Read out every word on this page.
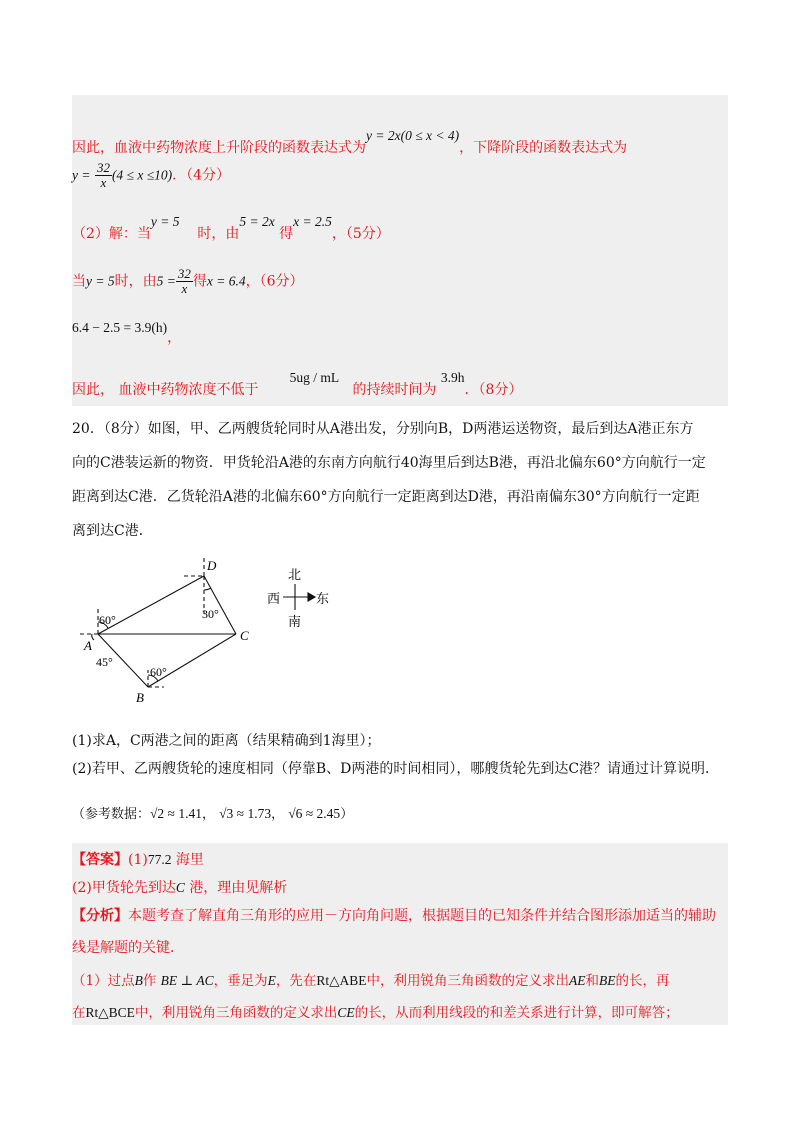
因此，血液中药物浓度上升阶段的函数表达式为y = 2x(0 ≤ x < 4)，下降阶段的函数表达式为
$y = \frac{32}{x} (4 \le x \le 10)$．（4分）
（2）解：当y = 5    时，由5 = 2x 得x = 2.5，（5分）
当y = 5时，由$5 = \frac{32}{x}$ 得x = 6.4，（6分）
6.4 − 2.5 = 3.9(h)，
因此， 血液中药物浓度不低于       5ug / mL   的持续时间为 3.9h．（8分）
20．（8分）如图，甲、乙两艘货轮同时从A港出发，分别向B，D两港运送物资，最后到达A港正东方
向的C港装运新的物资．甲货轮沿A港的东南方向航行40海里后到达B港，再沿北偏东60°方向航行一定
距离到达C港．乙货轮沿A港的北偏东60°方向航行一定距离到达D港，再沿南偏东30°方向航行一定距
离到达C港．
D
C
A
B
60°
45°
60°
30°
北
南
西	东
(1)求A，C两港之间的距离（结果精确到1海里）；
(2)若甲、乙两艘货轮的速度相同（停靠B、D两港的时间相同），哪艘货轮先到达C港？请通过计算说明．
（参考数据：√2 ≈ 1.41， √3 ≈ 1.73， √6 ≈ 2.45）
【答案】(1)77.2 海里
(2)甲货轮先到达C 港，理由见解析
【分析】本题考查了解直角三角形的应用－方向角问题，根据题目的已知条件并结合图形添加适当的辅助
线是解题的关键．
（1）过点B作 BE ⊥ AC，垂足为E，先在Rt△ABE中，利用锐角三角函数的定义求出AE和BE的长，再
在Rt△BCE中，利用锐角三角函数的定义求出CE的长，从而利用线段的和差关系进行计算，即可解答；
